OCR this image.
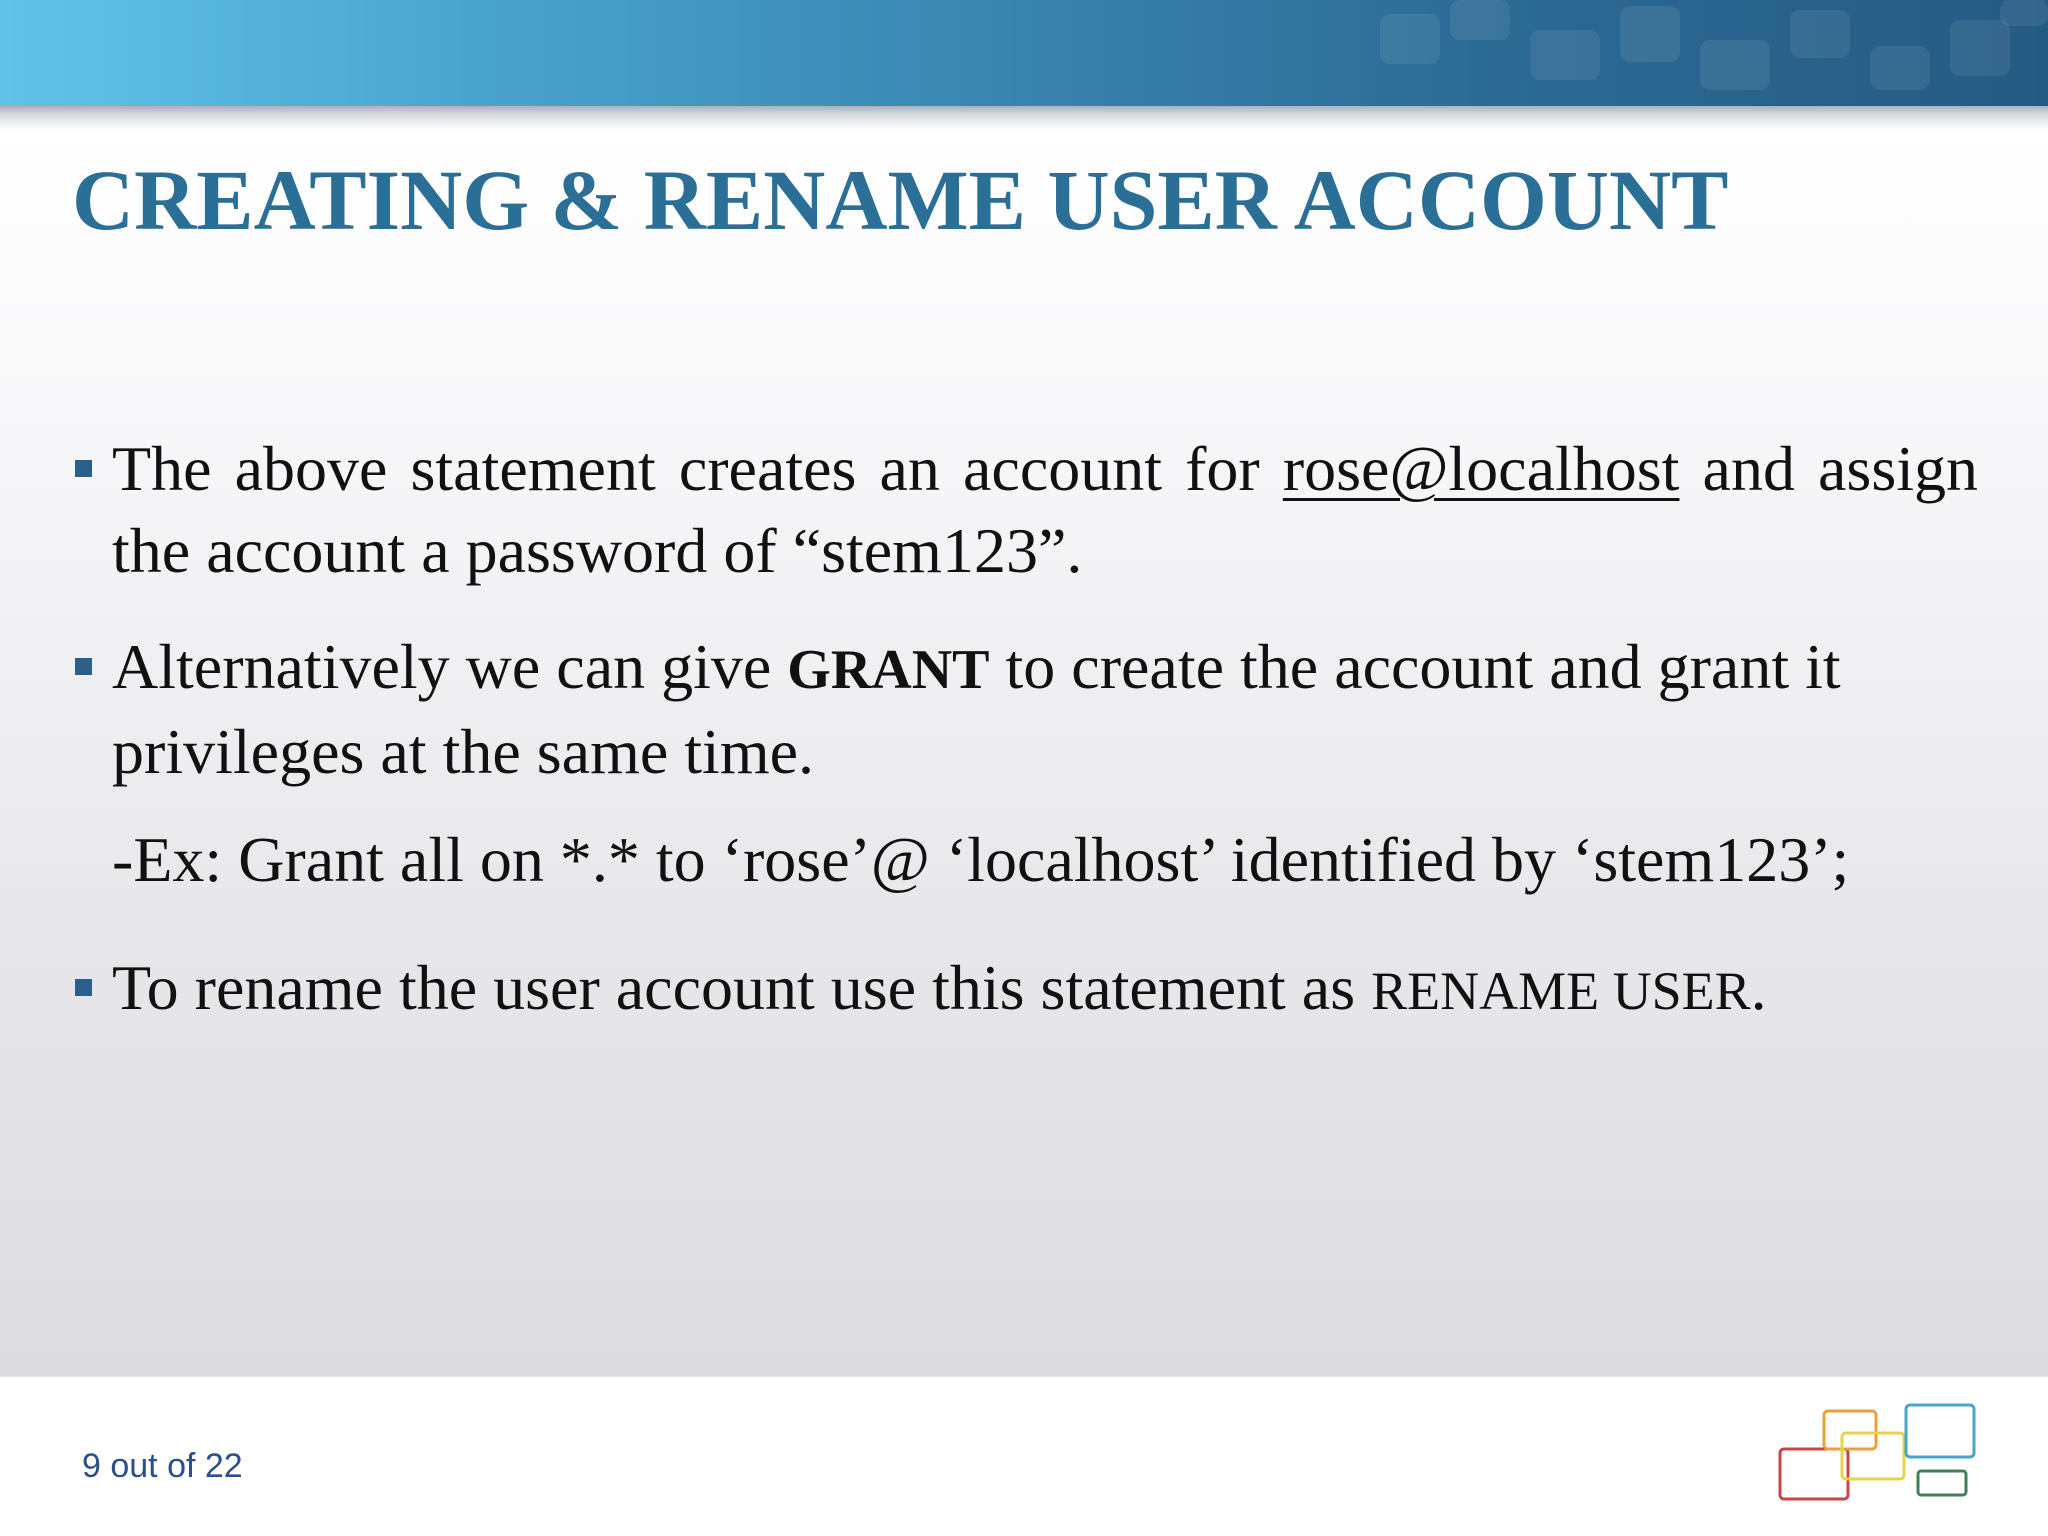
CREATING & RENAME USER ACCOUNT
The above statement creates an account for rose@localhost and assign the account a password of “stem123”.
Alternatively we can give GRANT to create the account and grant it privileges at the same time.
-Ex: Grant all on *.* to ‘rose’@ ‘localhost’ identified by ‘stem123’;
To rename the user account use this statement as RENAME USER.

9 out of 22
